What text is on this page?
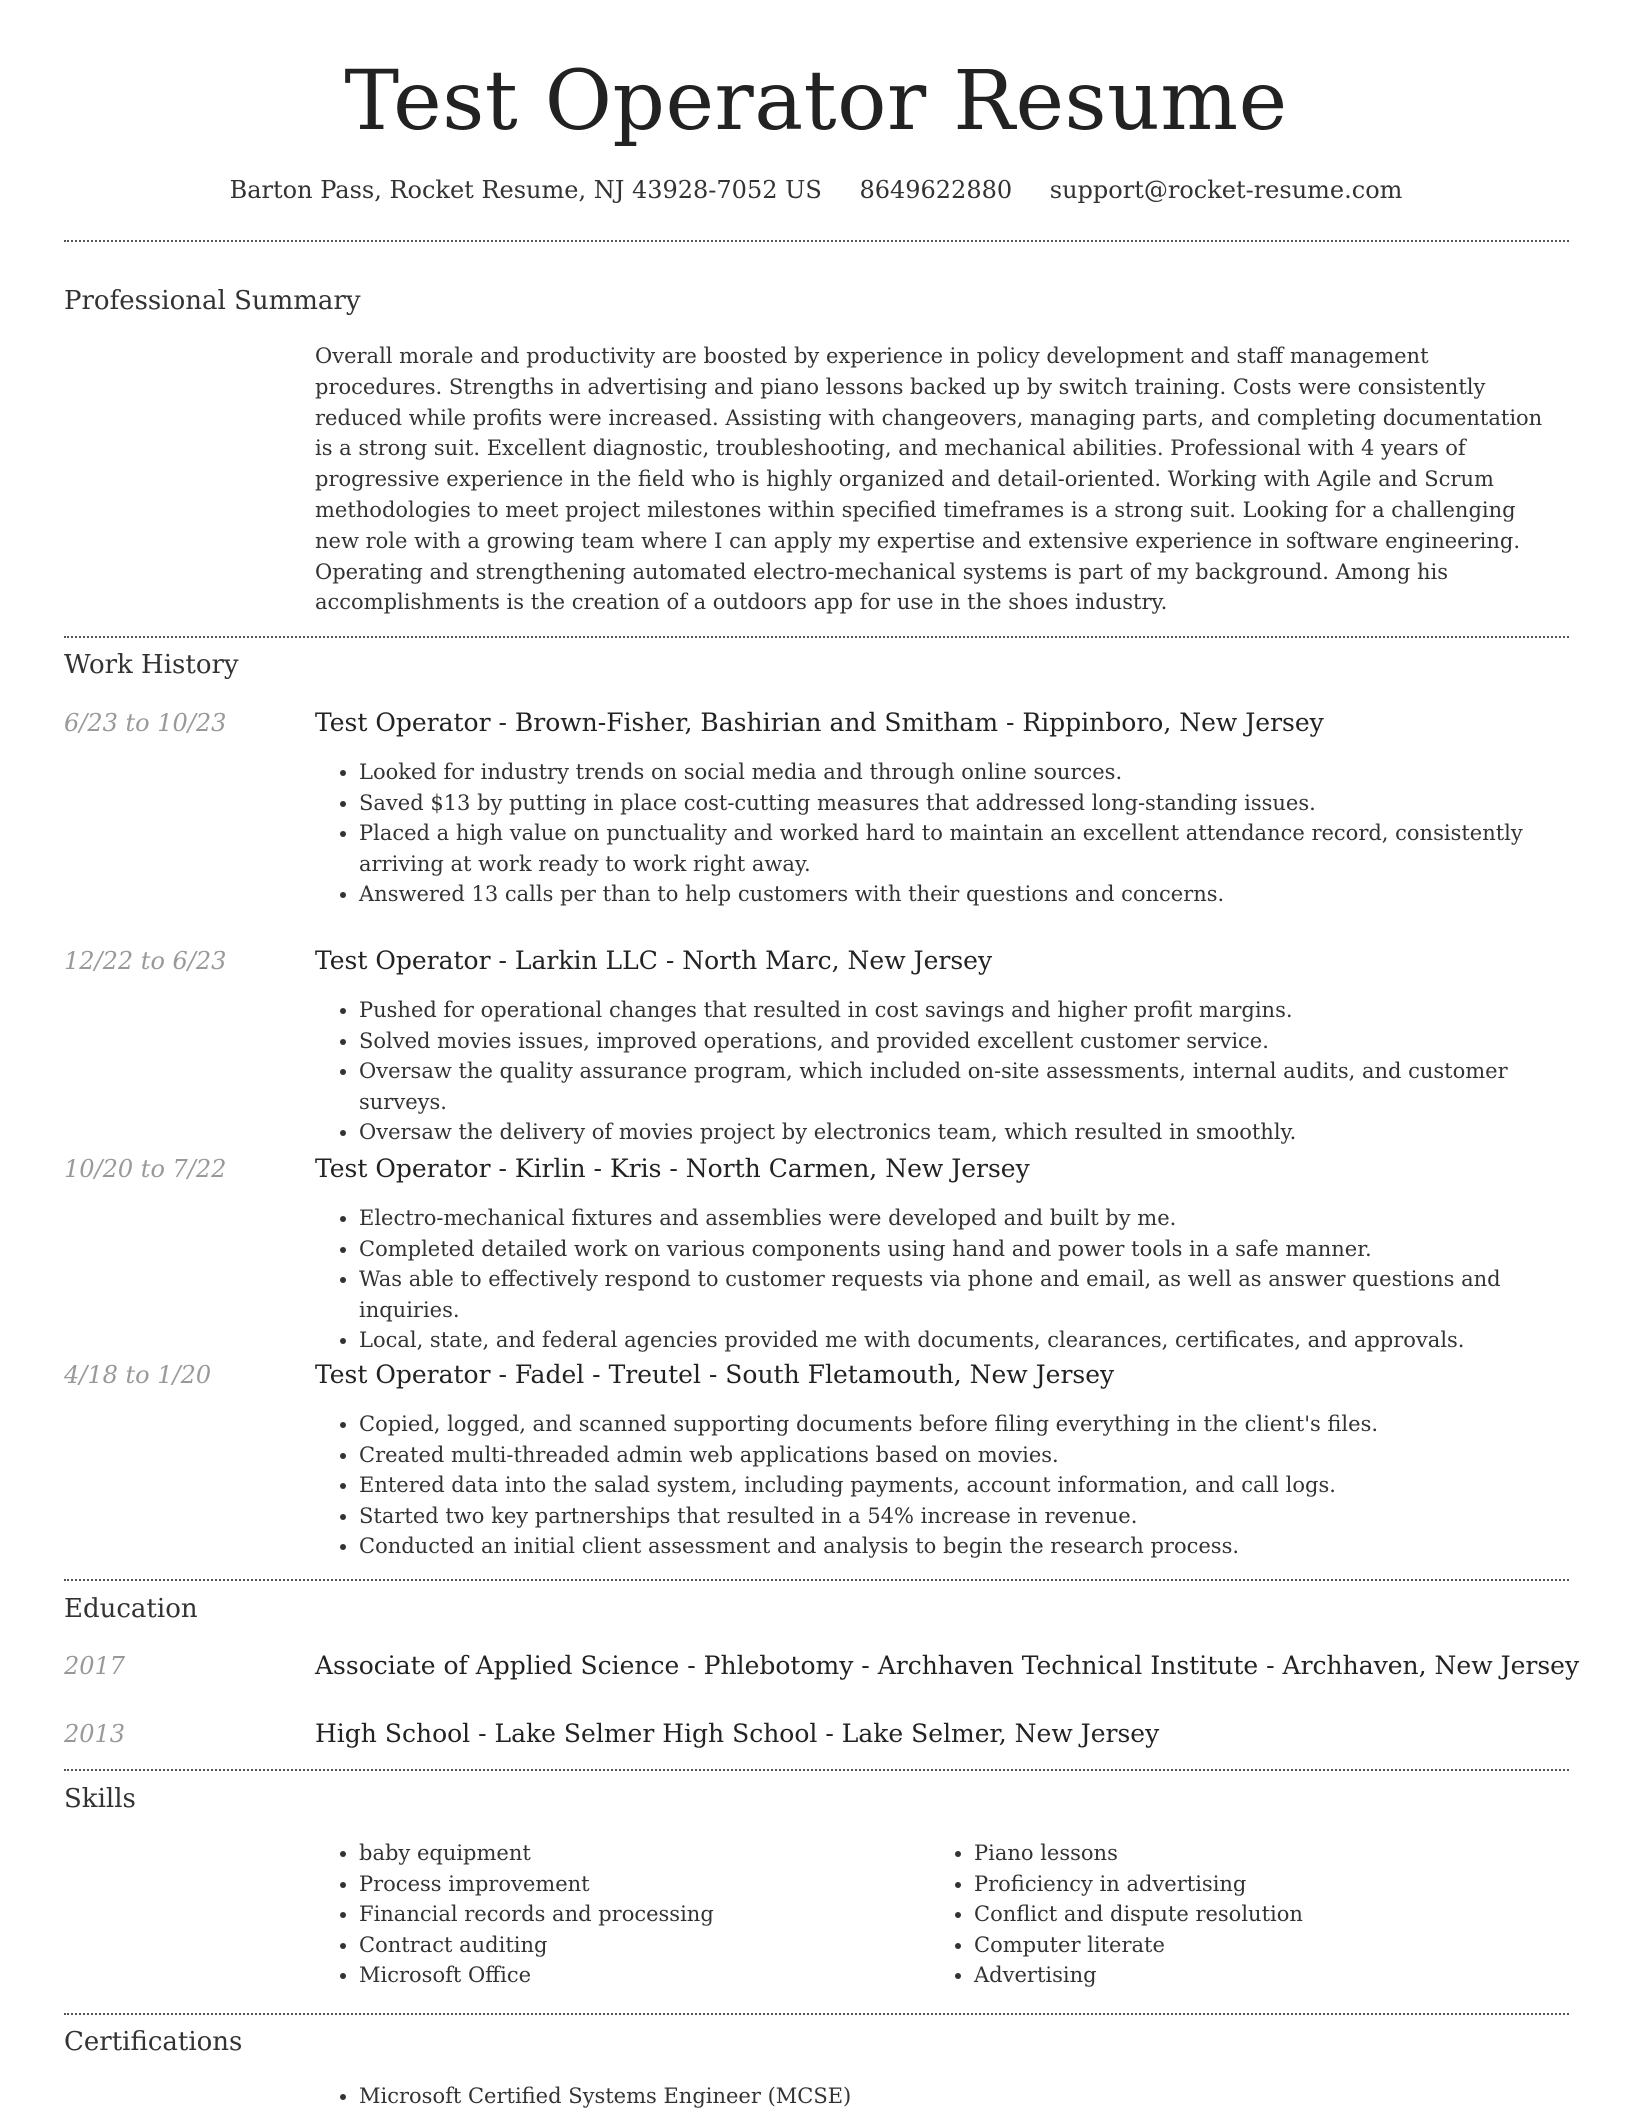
Test Operator Resume
Barton Pass, Rocket Resume, NJ 43928-7052 US 8649622880 support@rocket-resume.com
Professional Summary

Overall morale and productivity are boosted by experience in policy development and staff management procedures. Strengths in advertising and piano lessons backed up by switch training. Costs were consistently reduced while profits were increased. Assisting with changeovers, managing parts, and completing documentation is a strong suit. Excellent diagnostic, troubleshooting, and mechanical abilities. Professional with 4 years of progressive experience in the field who is highly organized and detail-oriented. Working with Agile and Scrum methodologies to meet project milestones within specified timeframes is a strong suit. Looking for a challenging new role with a growing team where I can apply my expertise and extensive experience in software engineering. Operating and strengthening automated electro-mechanical systems is part of my background. Among his accomplishments is the creation of a outdoors app for use in the shoes industry.

Work History
6/23 to 10/23	Test Operator - Brown-Fisher, Bashirian and Smitham - Rippinboro, New Jersey
• Looked for industry trends on social media and through online sources.
• Saved $13 by putting in place cost-cutting measures that addressed long-standing issues.
• Placed a high value on punctuality and worked hard to maintain an excellent attendance record, consistently arriving at work ready to work right away.
• Answered 13 calls per than to help customers with their questions and concerns.
12/22 to 6/23	Test Operator - Larkin LLC - North Marc, New Jersey
• Pushed for operational changes that resulted in cost savings and higher profit margins.
• Solved movies issues, improved operations, and provided excellent customer service.
• Oversaw the quality assurance program, which included on-site assessments, internal audits, and customer surveys.
• Oversaw the delivery of movies project by electronics team, which resulted in smoothly.
10/20 to 7/22	Test Operator - Kirlin - Kris - North Carmen, New Jersey
• Electro-mechanical fixtures and assemblies were developed and built by me.
• Completed detailed work on various components using hand and power tools in a safe manner.
• Was able to effectively respond to customer requests via phone and email, as well as answer questions and inquiries.
• Local, state, and federal agencies provided me with documents, clearances, certificates, and approvals.
4/18 to 1/20	Test Operator - Fadel - Treutel - South Fletamouth, New Jersey
• Copied, logged, and scanned supporting documents before filing everything in the client's files.
• Created multi-threaded admin web applications based on movies.
• Entered data into the salad system, including payments, account information, and call logs.
• Started two key partnerships that resulted in a 54% increase in revenue.
• Conducted an initial client assessment and analysis to begin the research process.
Education
2017	Associate of Applied Science - Phlebotomy - Archhaven Technical Institute - Archhaven, New Jersey
2013	High School - Lake Selmer High School - Lake Selmer, New Jersey
Skills
• baby equipment
• Process improvement
• Financial records and processing
• Contract auditing
• Microsoft Office
• Piano lessons
• Proficiency in advertising
• Conflict and dispute resolution
• Computer literate
• Advertising
Certifications
• Microsoft Certified Systems Engineer (MCSE)
